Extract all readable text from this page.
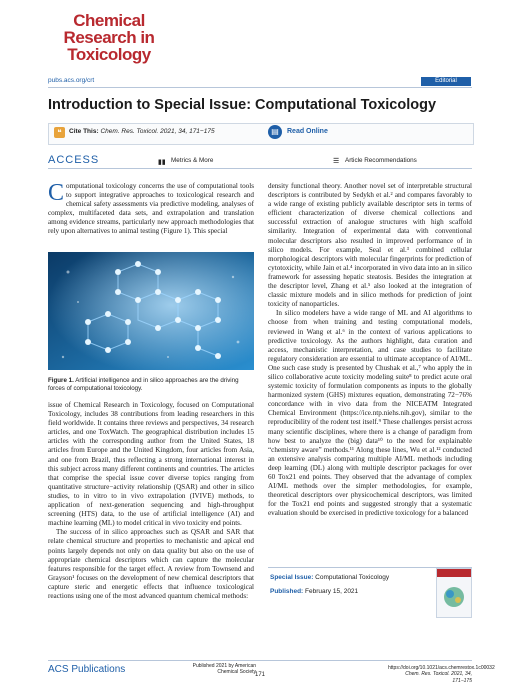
Chemical
Research in
Toxicology
pubs.acs.org/crt	Editorial
Introduction to Special Issue: Computational Toxicology
❝	Cite This: Chem. Res. Toxicol. 2021, 34, 171−175	▤	Read Online
ACCESS	▮▮ Metrics & More	☰ Article Recommendations
Computational toxicology concerns the use of computational tools to support integrative approaches to toxicological research and chemical safety assessments via predictive modeling, analyses of complex, multifaceted data sets, and extrapolation and translation among evidence streams, particularly new approach methodologies that rely upon alternatives to animal testing (Figure 1). This special
Figure 1. Artificial intelligence and in silico approaches are the driving forces of computational toxicology.
issue of Chemical Research in Toxicology, focused on Computational Toxicology, includes 38 contributions from leading researchers in this field worldwide. It contains three reviews and perspectives, 34 research articles, and one ToxWatch. The geographical distribution includes 15 articles with the corresponding author from the United States, 18 articles from Europe and the United Kingdom, four articles from Asia, and one from Brazil, thus reflecting a strong international interest in this subject across many different continents and countries. The articles that comprise the special issue cover diverse topics ranging from quantitative structure−activity relationship (QSAR) and other in silico studies, to in vitro to in vivo extrapolation (IVIVE) methods, to application of next-generation sequencing and high-throughput screening (HTS) data, to the use of artificial intelligence (AI) and machine learning (ML) to model critical in vivo toxicity end points.
The success of in silico approaches such as QSAR and SAR that relate chemical structure and properties to mechanistic and apical end points largely depends not only on data quality but also on the use of appropriate chemical descriptors which can capture the molecular features responsible for the target effect. A review from Townsend and Grayson¹ focuses on the development of new chemical descriptors that capture steric and energetic effects that influence toxicological reactions using one of the most advanced quantum chemical methods:
density functional theory. Another novel set of interpretable structural descriptors is contributed by Sedykh et al.² and compares favorably to a wide range of existing publicly available descriptor sets in terms of efficient characterization of diverse chemical collections and successful extraction of analogue structures with high scaffold similarity. Integration of experimental data with conventional molecular descriptors also resulted in improved performance of in silico models. For example, Seal et al.³ combined cellular morphological descriptors with molecular fingerprints for prediction of cytotoxicity, while Jain et al.⁴ incorporated in vivo data into an in silico framework for assessing hepatic steatosis. Besides the integration at the descriptor level, Zhang et al.⁵ also looked at the integration of classic mixture models and in silico methods for prediction of joint toxicity of nanoparticles.
In silico modelers have a wide range of ML and AI algorithms to choose from when training and testing computational models, reviewed in Wang et al.⁶ in the context of various applications to predictive toxicology. As the authors highlight, data curation and access, mechanistic interpretation, and case studies to facilitate regulatory consideration are essential to ultimate acceptance of AI/ML. One such case study is presented by Chushak et al.,⁷ who apply the in silico collaborative acute toxicity modeling suite⁸ to predict acute oral systemic toxicity of formulation components as inputs to the globally harmonized system (GHS) mixtures equation, demonstrating 72−76% concordance with in vivo data from the NICEATM Integrated Chemical Environment (https://ice.ntp.niehs.nih.gov), similar to the reproducibility of the rodent test itself.⁹ These challenges persist across many scientific disciplines, where there is a change of paradigm from how best to analyze the (big) data¹⁰ to the need for explainable “chemistry aware” methods.¹¹ Along these lines, Wu et al.¹² conducted an extensive analysis comparing multiple AI/ML methods including deep learning (DL) along with multiple descriptor packages for over 60 Tox21 end points. They observed that the advantage of complex AI/ML methods over the simpler methodologies, for example, theoretical descriptors over physicochemical descriptors, was limited for the Tox21 end points and suggested strongly that a systematic evaluation should be exercised in predictive toxicology for a balanced
Special Issue: Computational Toxicology
Published: February 15, 2021
ACS Publications	Published 2021 by American Chemical Society 171
https://doi.org/10.1021/acs.chemrestox.1c00032
Chem. Res. Toxicol. 2021, 34, 171−175
